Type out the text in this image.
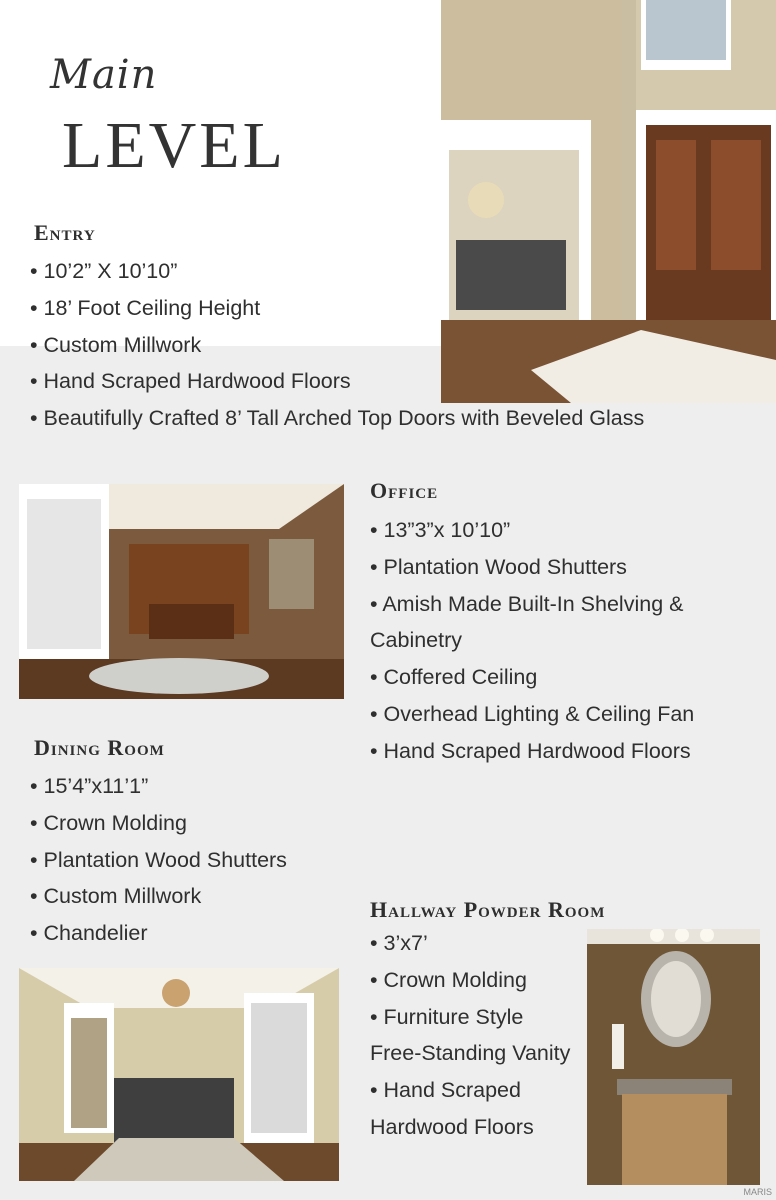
Main
LEVEL
Entry
• 10’2” X 10’10”
• 18’ Foot Ceiling Height
• Custom Millwork
• Hand Scraped Hardwood Floors
• Beautifully Crafted 8’ Tall Arched Top Doors with Beveled Glass
Office
• 13”3”x 10’10”
• Plantation Wood Shutters
• Amish Made Built-In Shelving & Cabinetry
• Coffered Ceiling
• Overhead Lighting & Ceiling Fan
• Hand Scraped Hardwood Floors
Dining Room
• 15’4”x11’1”
• Crown Molding
• Plantation Wood Shutters
• Custom Millwork
• Chandelier
Hallway Powder Room
• 3’x7’
• Crown Molding
• Furniture Style Free-Standing Vanity
• Hand Scraped Hardwood Floors
MARIS
